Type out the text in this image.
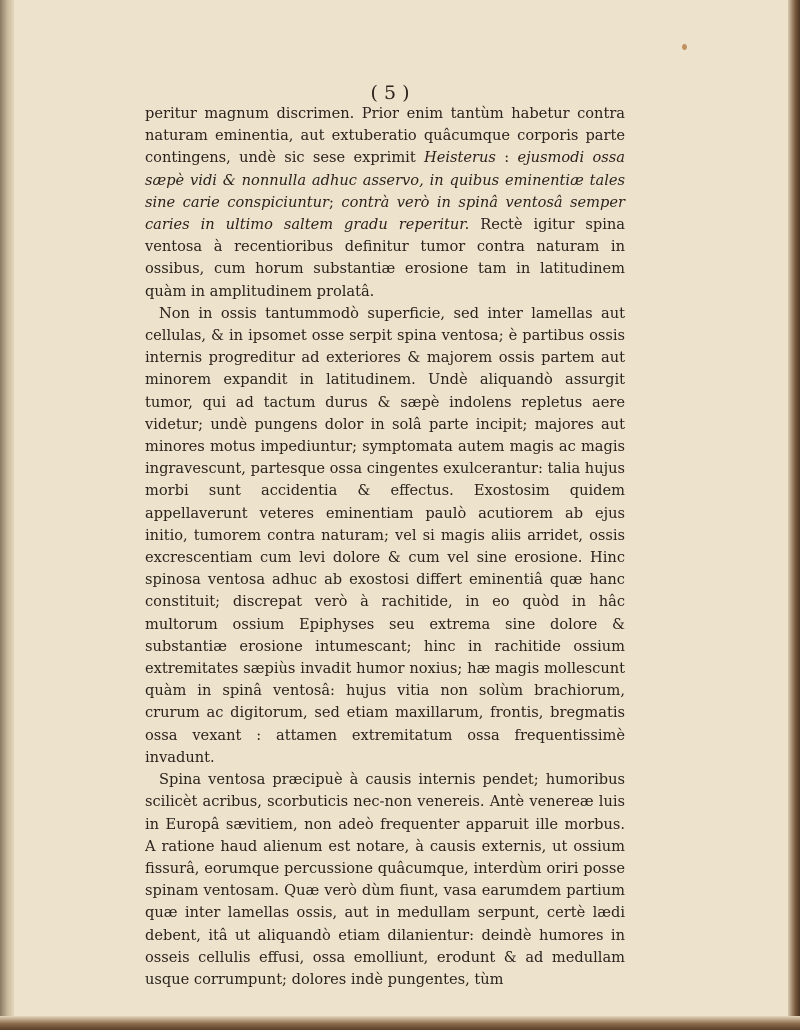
( 5 )

peritur magnum discrimen. Prior enim tantùm habetur contra naturam eminentia, aut extuberatio quâcumque corporis parte contingens, undè sic sese exprimit Heisterus : ejusmodi ossa sæpè vidi & nonnulla adhuc asservo, in quibus eminentiæ tales sine carie conspiciuntur; contrà verò in spinâ ventosâ semper caries in ultimo saltem gradu reperitur. Rectè igitur spina ventosa à recentioribus definitur tumor contra naturam in ossibus, cum horum substantiæ erosione tam in latitudinem quàm in amplitudinem prolatâ.

Non in ossis tantummodò superficie, sed inter lamellas aut cellulas, & in ipsomet osse serpit spina ventosa; è partibus ossis internis progreditur ad exteriores & majorem ossis partem aut minorem expandit in latitudinem. Undè aliquandò assurgit tumor, qui ad tactum durus & sæpè indolens repletus aere videtur; undè pungens dolor in solâ parte incipit; majores aut minores motus impediuntur; symptomata autem magis ac magis ingravescunt, partesque ossa cingentes exulcerantur: talia hujus morbi sunt accidentia & effectus. Exostosim quidem appellaverunt veteres eminentiam paulò acutiorem ab ejus initio, tumorem contra naturam; vel si magis aliis arridet, ossis excrescentiam cum levi dolore & cum vel sine erosione. Hinc spinosa ventosa adhuc ab exostosi differt eminentiâ quæ hanc constituit; discrepat verò à rachitide, in eo quòd in hâc multorum ossium Epiphyses seu extrema sine dolore & substantiæ erosione intumescant; hinc in rachitide ossium extremitates sæpiùs invadit humor noxius; hæ magis mollescunt quàm in spinâ ventosâ: hujus vitia non solùm brachiorum, crurum ac digitorum, sed etiam maxillarum, frontis, bregmatis ossa vexant : attamen extremitatum ossa frequentissimè invadunt.

Spina ventosa præcipuè à causis internis pendet; humoribus scilicèt acribus, scorbuticis nec-non venereis. Antè venereæ luis in Europâ sævitiem, non adeò frequenter apparuit ille morbus. A ratione haud alienum est notare, à causis externis, ut ossium fissurâ, eorumque percussione quâcumque, interdùm oriri posse spinam ventosam. Quæ verò dùm fiunt, vasa earumdem partium quæ inter lamellas ossis, aut in medullam serpunt, certè lædi debent, itâ ut aliquandò etiam dilanientur: deindè humores in osseis cellulis effusi, ossa emolliunt, erodunt & ad medullam usque corrumpunt; dolores indè pungentes, tùm
